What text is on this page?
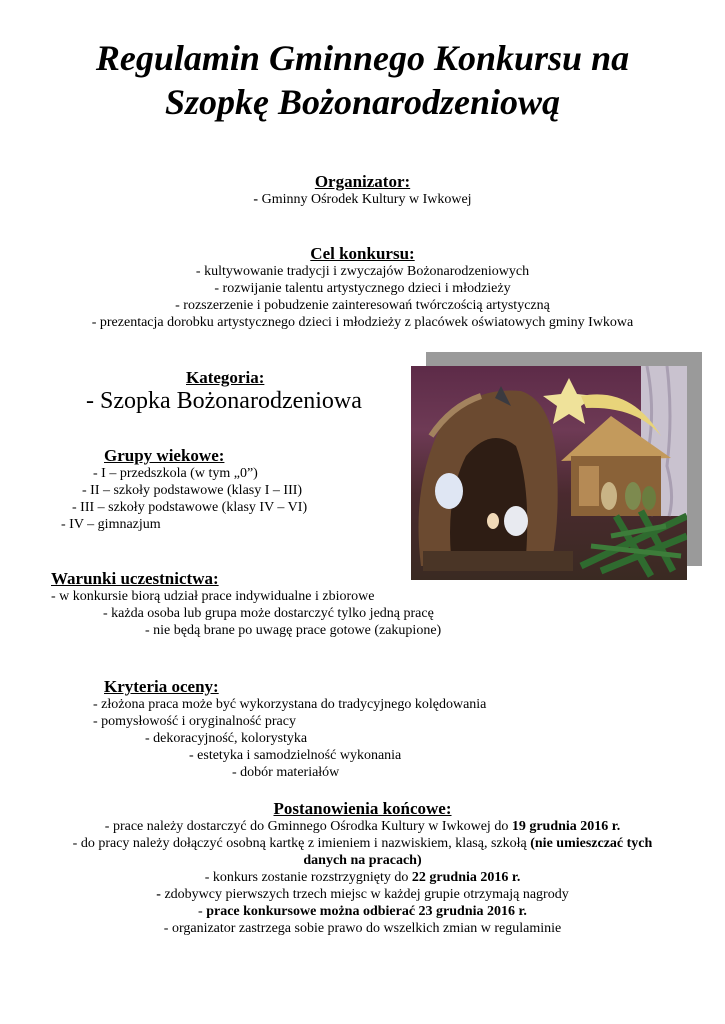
Regulamin Gminnego Konkursu na
Szopkę Bożonarodzeniową
Organizator:
- Gminny Ośrodek Kultury w Iwkowej
Cel konkursu:
- kultywowanie tradycji i zwyczajów Bożonarodzeniowych
- rozwijanie talentu artystycznego dzieci i młodzieży
- rozszerzenie i pobudzenie zainteresowań twórczością artystyczną
- prezentacja dorobku artystycznego dzieci i młodzieży z placówek oświatowych gminy Iwkowa
Kategoria:
- Szopka Bożonarodzeniowa
Grupy wiekowe:
- I – przedszkola (w tym „0”)
- II – szkoły podstawowe (klasy I – III)
- III – szkoły podstawowe (klasy IV – VI)
- IV – gimnazjum
Warunki uczestnictwa:
- w konkursie biorą udział prace indywidualne i zbiorowe
- każda osoba lub grupa może dostarczyć tylko jedną pracę
- nie będą brane po uwagę prace gotowe (zakupione)
Kryteria oceny:
- złożona praca może być wykorzystana do tradycyjnego kolędowania
- pomysłowość i oryginalność pracy
- dekoracyjność, kolorystyka
- estetyka i samodzielność wykonania
- dobór materiałów
Postanowienia końcowe:
- prace należy dostarczyć do Gminnego Ośrodka Kultury w Iwkowej do 19 grudnia 2016 r.
- do pracy należy dołączyć osobną kartkę z imieniem i nazwiskiem, klasą, szkołą (nie umieszczać tych
danych na pracach)
- konkurs zostanie rozstrzygnięty do 22 grudnia 2016 r.
- zdobywcy pierwszych trzech miejsc w każdej grupie otrzymają nagrody
- prace konkursowe można odbierać 23 grudnia 2016 r.
- organizator zastrzega sobie prawo do wszelkich zmian w regulaminie
